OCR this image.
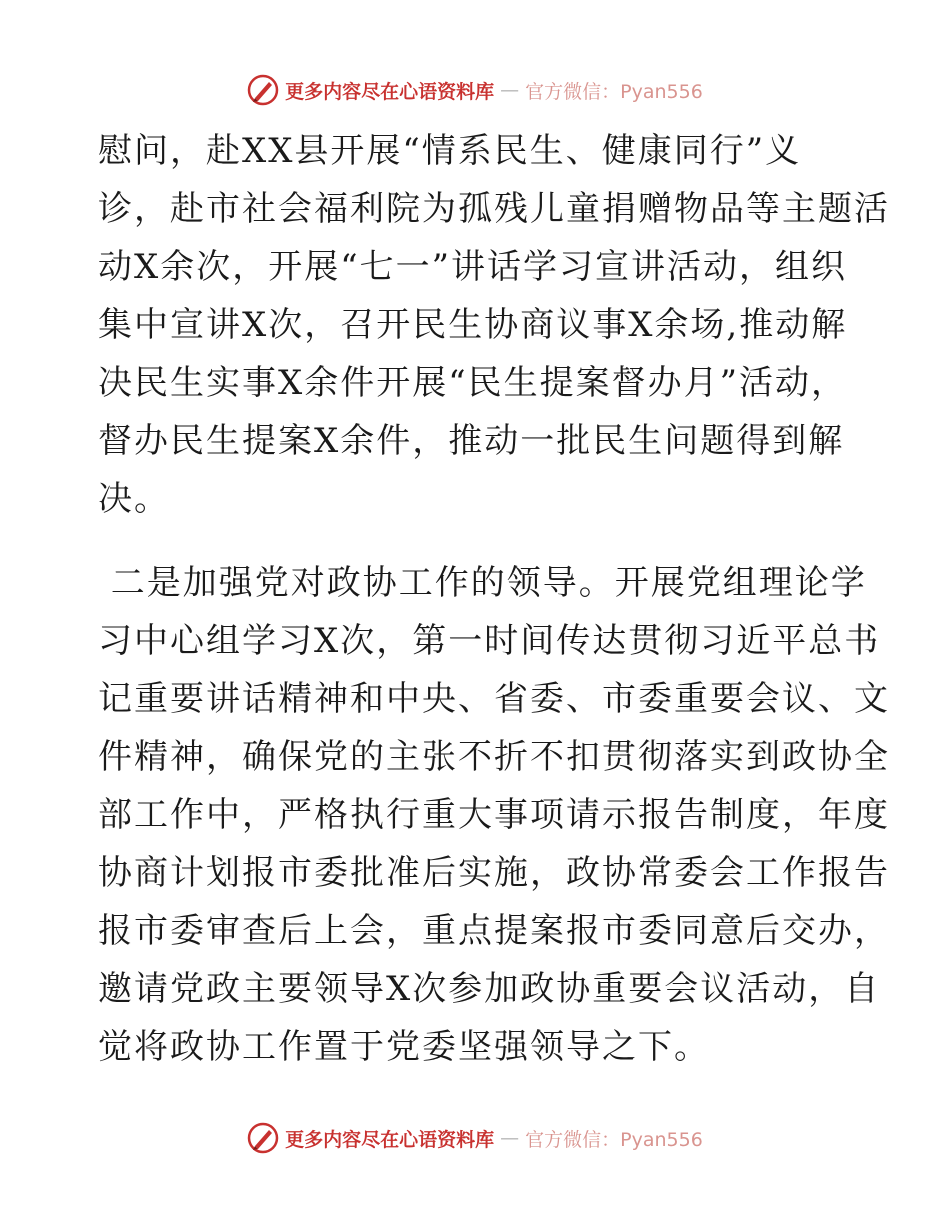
更多内容尽在心语资料库 — 官方微信：Pyan556
慰问，赴XX县开展“情系民生、健康同行”义
诊，赴市社会福利院为孤残儿童捐赠物品等主题活
动X余次，开展“七一”讲话学习宣讲活动，组织
集中宣讲X次，召开民生协商议事X余场,推动解
决民生实事X余件开展“民生提案督办月”活动，
督办民生提案X余件，推动一批民生问题得到解
决。
二是加强党对政协工作的领导。开展党组理论学
习中心组学习X次，第一时间传达贯彻习近平总书
记重要讲话精神和中央、省委、市委重要会议、文
件精神，确保党的主张不折不扣贯彻落实到政协全
部工作中，严格执行重大事项请示报告制度，年度
协商计划报市委批准后实施，政协常委会工作报告
报市委审查后上会，重点提案报市委同意后交办，
邀请党政主要领导X次参加政协重要会议活动，自
觉将政协工作置于党委坚强领导之下。
更多内容尽在心语资料库 — 官方微信：Pyan556
